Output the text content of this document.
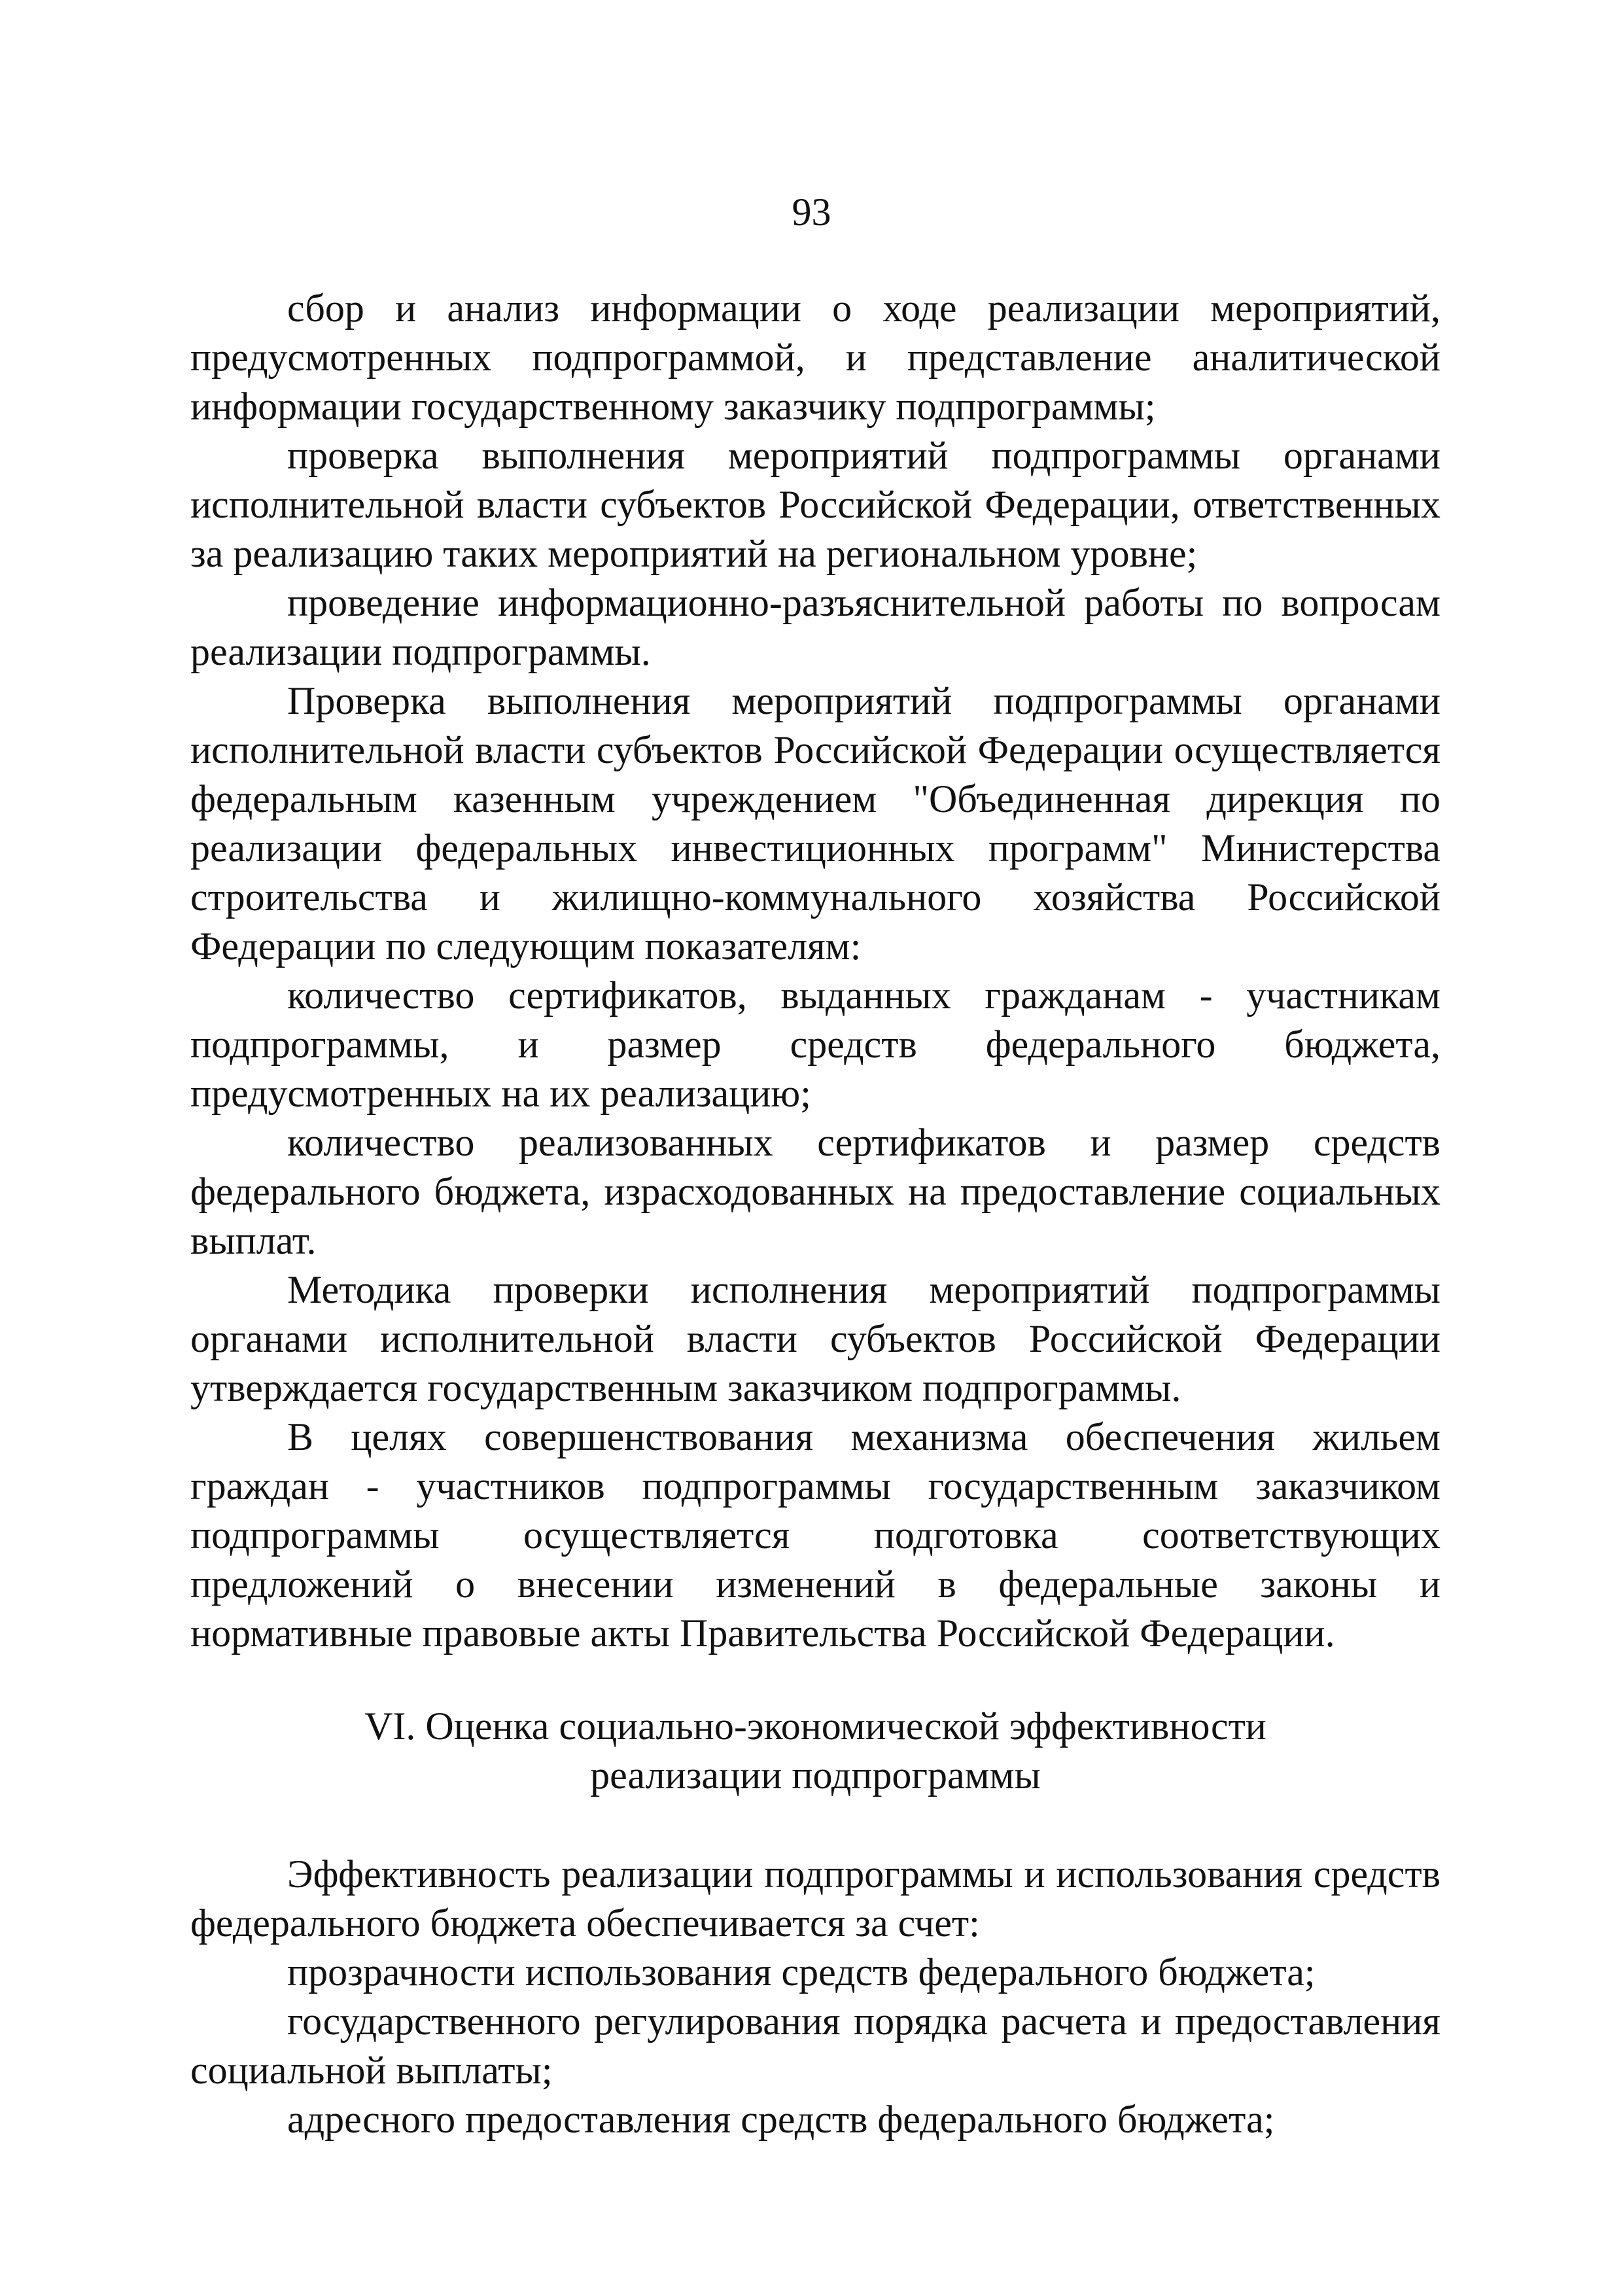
93

сбор и анализ информации о ходе реализации мероприятий, предусмотренных подпрограммой, и представление аналитической информации государственному заказчику подпрограммы;

проверка выполнения мероприятий подпрограммы органами исполнительной власти субъектов Российской Федерации, ответственных за реализацию таких мероприятий на региональном уровне;

проведение информационно-разъяснительной работы по вопросам реализации подпрограммы.

Проверка выполнения мероприятий подпрограммы органами исполнительной власти субъектов Российской Федерации осуществляется федеральным казенным учреждением "Объединенная дирекция по реализации федеральных инвестиционных программ" Министерства строительства и жилищно-коммунального хозяйства Российской Федерации по следующим показателям:

количество сертификатов, выданных гражданам - участникам подпрограммы, и размер средств федерального бюджета, предусмотренных на их реализацию;

количество реализованных сертификатов и размер средств федерального бюджета, израсходованных на предоставление социальных выплат.

Методика проверки исполнения мероприятий подпрограммы органами исполнительной власти субъектов Российской Федерации утверждается государственным заказчиком подпрограммы.

В целях совершенствования механизма обеспечения жильем граждан - участников подпрограммы государственным заказчиком подпрограммы осуществляется подготовка соответствующих предложений о внесении изменений в федеральные законы и нормативные правовые акты Правительства Российской Федерации.

VI. Оценка социально-экономической эффективности
реализации подпрограммы

Эффективность реализации подпрограммы и использования средств федерального бюджета обеспечивается за счет:

прозрачности использования средств федерального бюджета;

государственного регулирования порядка расчета и предоставления социальной выплаты;

адресного предоставления средств федерального бюджета;
